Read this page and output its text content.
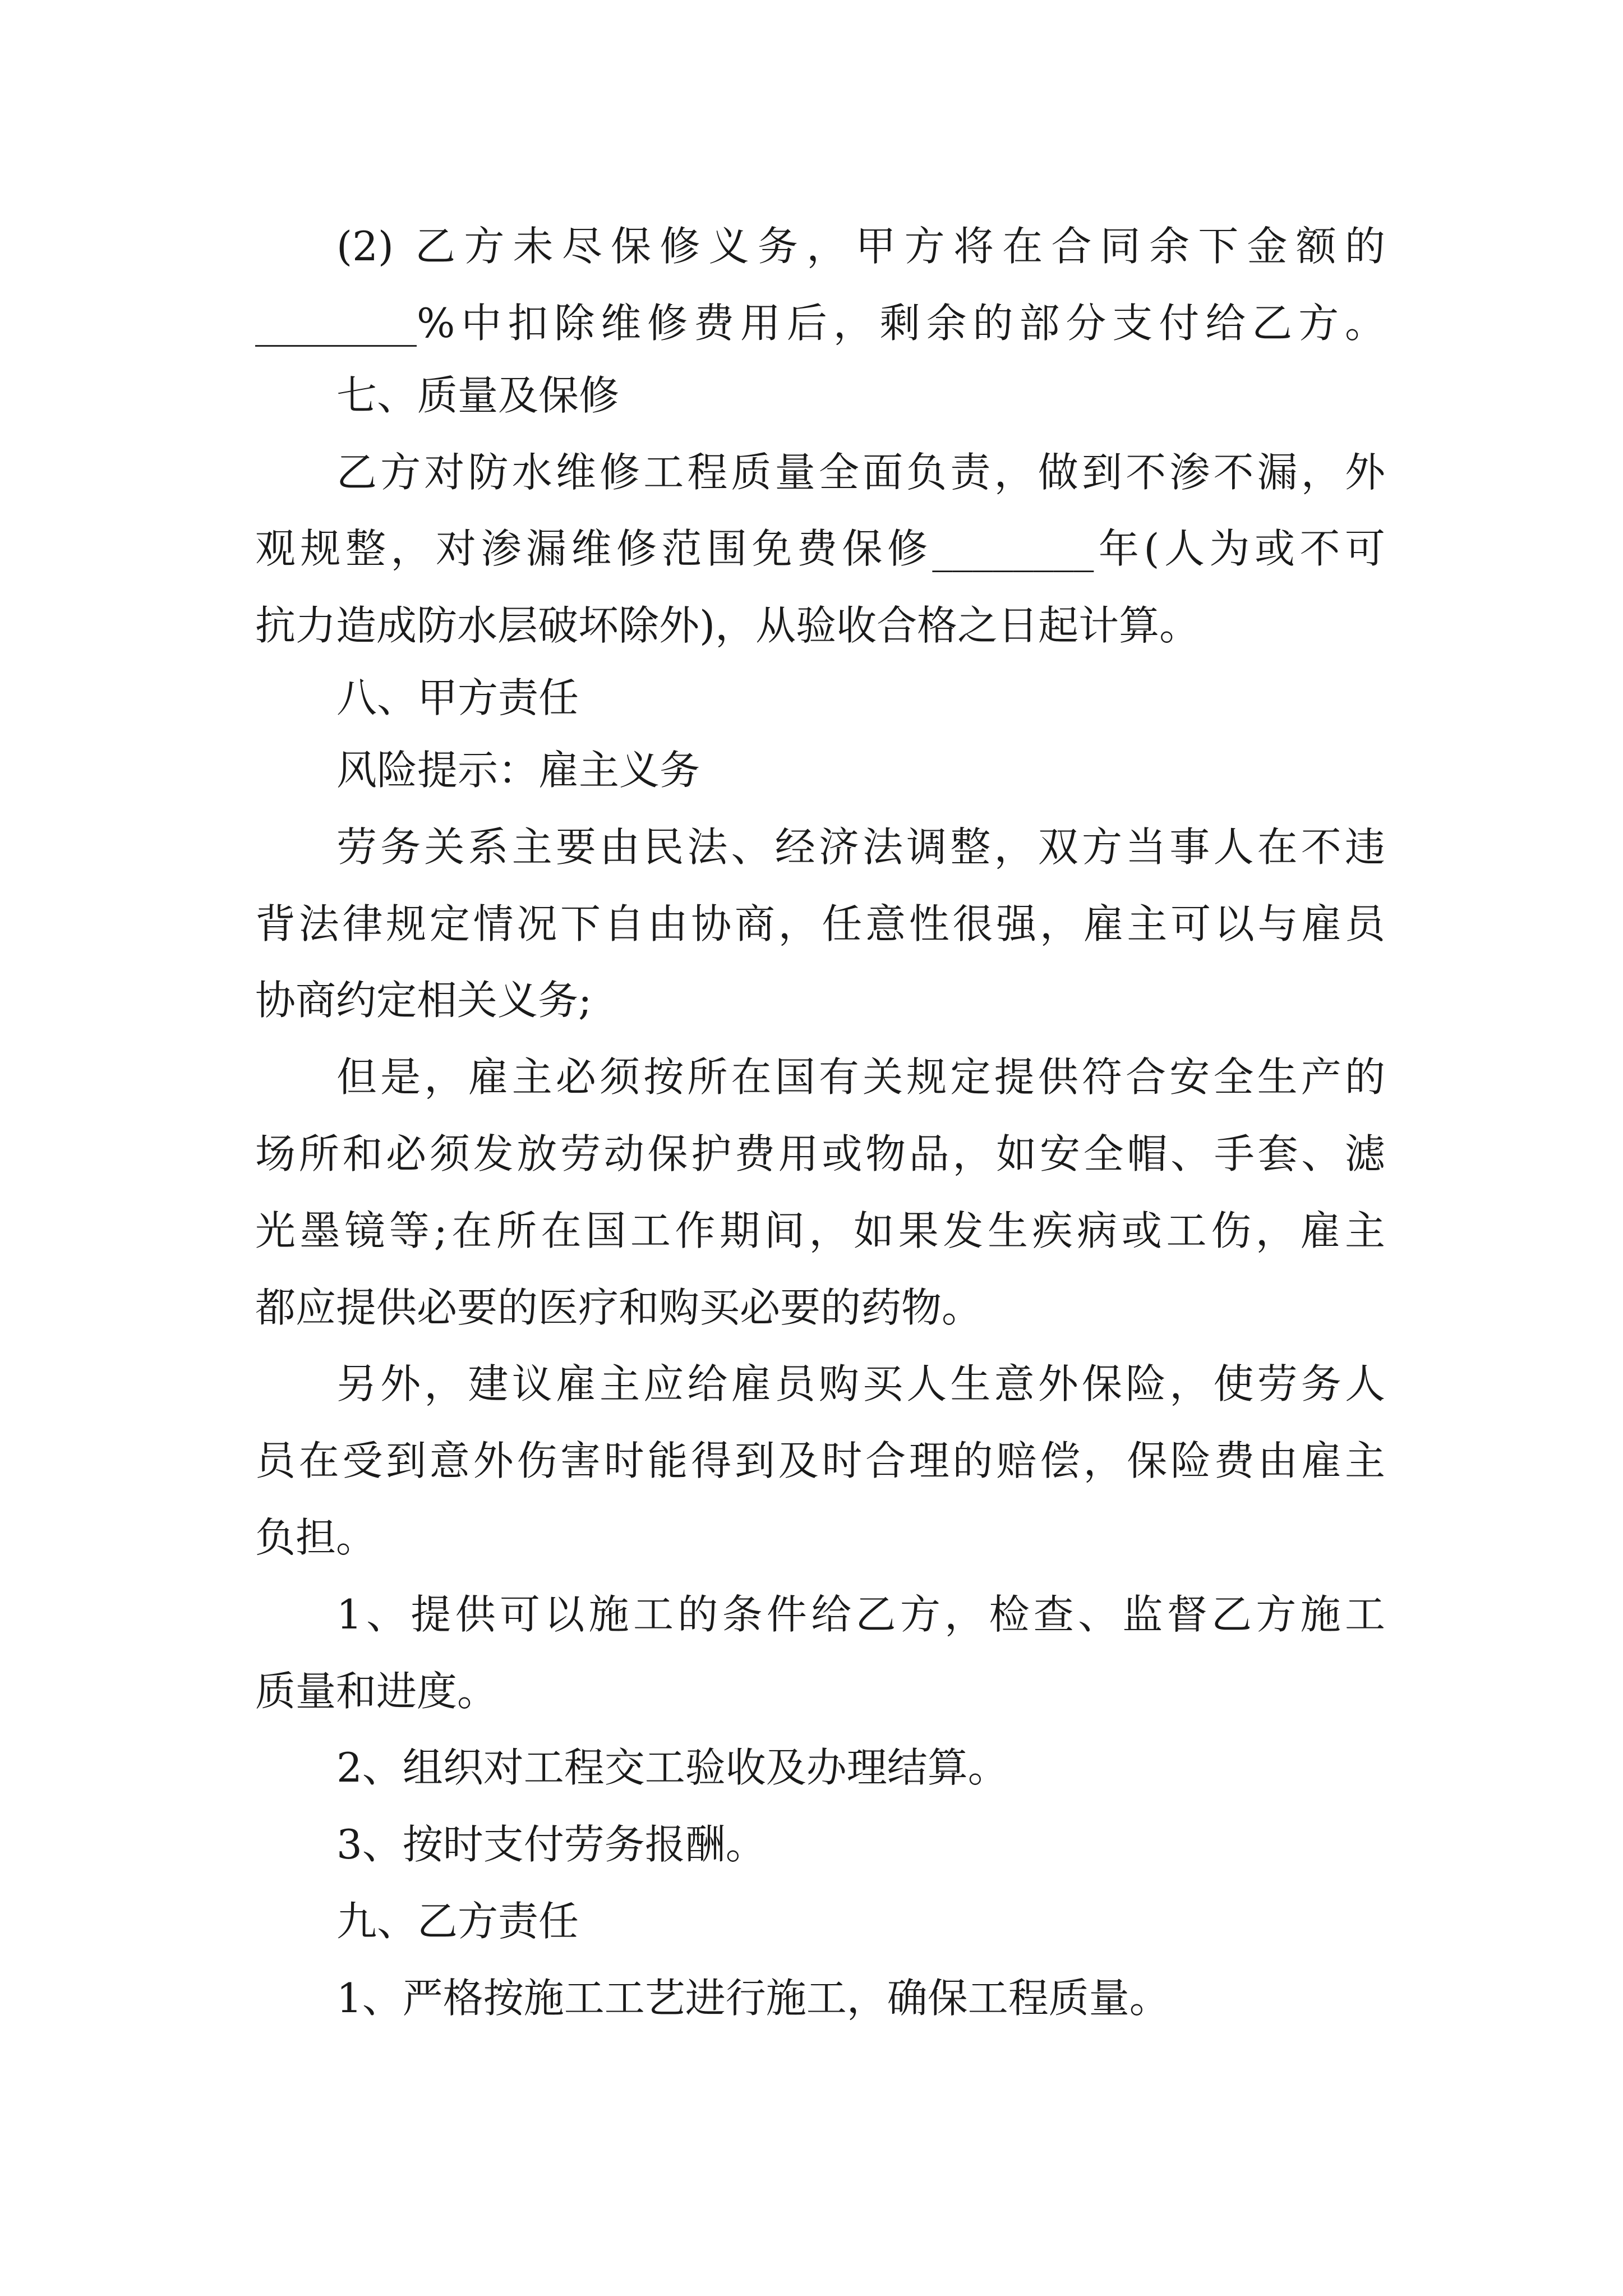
(2) 乙方未尽保修义务，甲方将在合同余下金额的
________%中扣除维修费用后，剩余的部分支付给乙方。
七、质量及保修
乙方对防水维修工程质量全面负责，做到不渗不漏，外
观规整，对渗漏维修范围免费保修________年(人为或不可
抗力造成防水层破坏除外)，从验收合格之日起计算。
八、甲方责任
风险提示：雇主义务
劳务关系主要由民法、经济法调整，双方当事人在不违
背法律规定情况下自由协商，任意性很强，雇主可以与雇员
协商约定相关义务;
但是，雇主必须按所在国有关规定提供符合安全生产的
场所和必须发放劳动保护费用或物品，如安全帽、手套、滤
光墨镜等;在所在国工作期间，如果发生疾病或工伤，雇主
都应提供必要的医疗和购买必要的药物。
另外，建议雇主应给雇员购买人生意外保险，使劳务人
员在受到意外伤害时能得到及时合理的赔偿，保险费由雇主
负担。
1、提供可以施工的条件给乙方，检查、监督乙方施工
质量和进度。
2、组织对工程交工验收及办理结算。
3、按时支付劳务报酬。
九、乙方责任
1、严格按施工工艺进行施工，确保工程质量。
